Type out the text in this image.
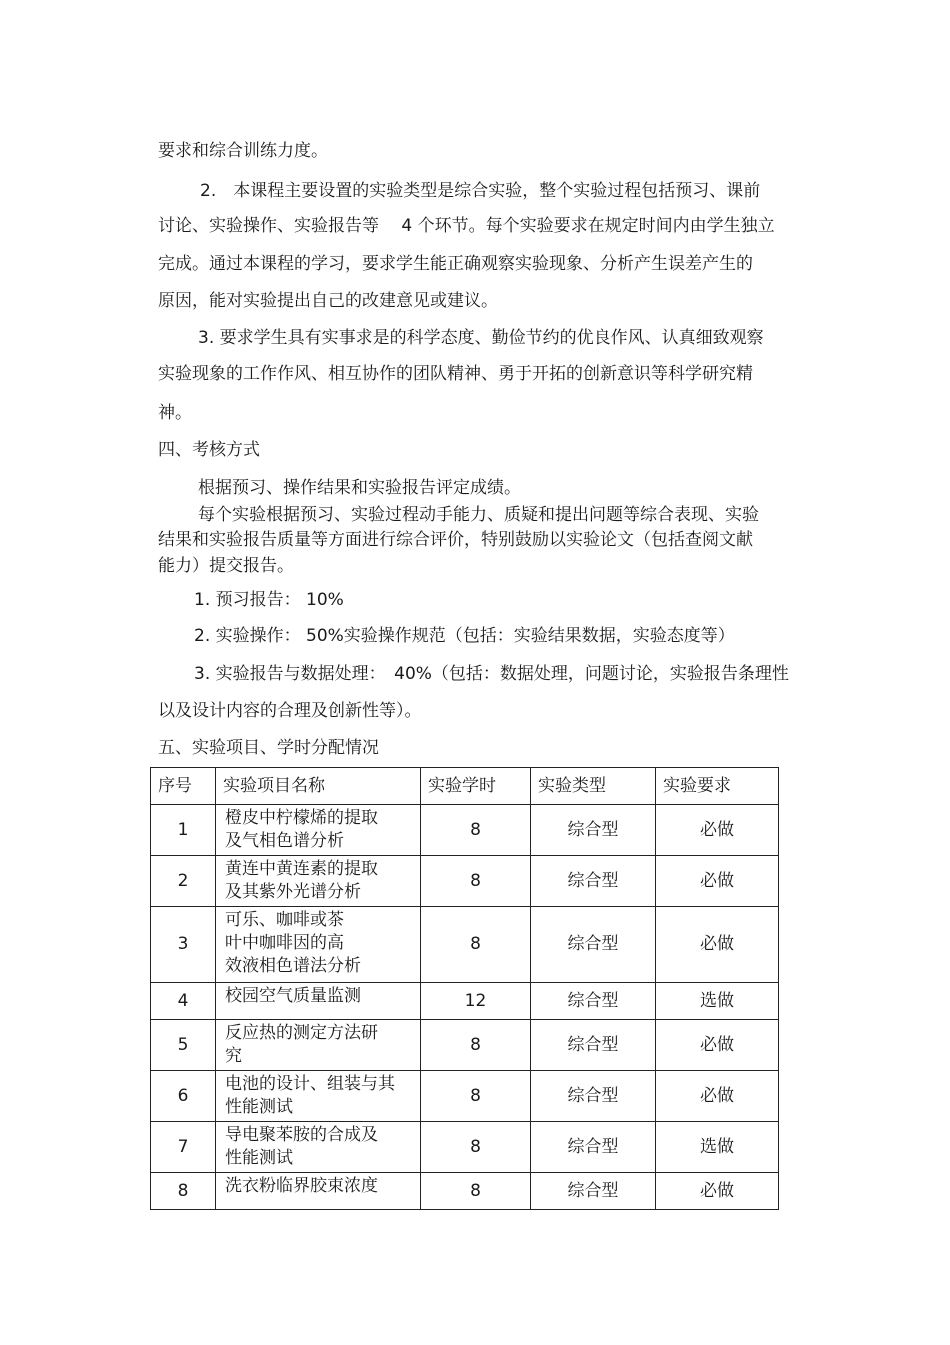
要求和综合训练力度。
2.　本课程主要设置的实验类型是综合实验，整个实验过程包括预习、课前
讨论、实验操作、实验报告等　 4 个环节。每个实验要求在规定时间内由学生独立
完成。通过本课程的学习，要求学生能正确观察实验现象、分析产生误差产生的
原因，能对实验提出自己的改建意见或建议。
3. 要求学生具有实事求是的科学态度、勤俭节约的优良作风、认真细致观察
实验现象的工作作风、相互协作的团队精神、勇于开拓的创新意识等科学研究精
神。
四、考核方式
根据预习、操作结果和实验报告评定成绩。
每个实验根据预习、实验过程动手能力、质疑和提出问题等综合表现、实验
结果和实验报告质量等方面进行综合评价，特别鼓励以实验论文（包括查阅文献
能力）提交报告。
1. 预习报告： 10%
2. 实验操作： 50%实验操作规范（包括：实验结果数据，实验态度等）
3. 实验报告与数据处理：　40%（包括：数据处理，问题讨论，实验报告条理性
以及设计内容的合理及创新性等）。
五、实验项目、学时分配情况
序号	实验项目名称	实验学时	实验类型	实验要求
1	橙皮中柠檬烯的提取
及气相色谱分析	8	综合型	必做
2	黄连中黄连素的提取
及其紫外光谱分析	8	综合型	必做
3	可乐、咖啡或茶
叶中咖啡因的高
效液相色谱法分析	8	综合型	必做
4	校园空气质量监测	12	综合型	选做
5	反应热的测定方法研
究	8	综合型	必做
6	电池的设计、组装与其
性能测试	8	综合型	必做
7	导电聚苯胺的合成及
性能测试	8	综合型	选做
8	洗衣粉临界胶束浓度	8	综合型	必做
